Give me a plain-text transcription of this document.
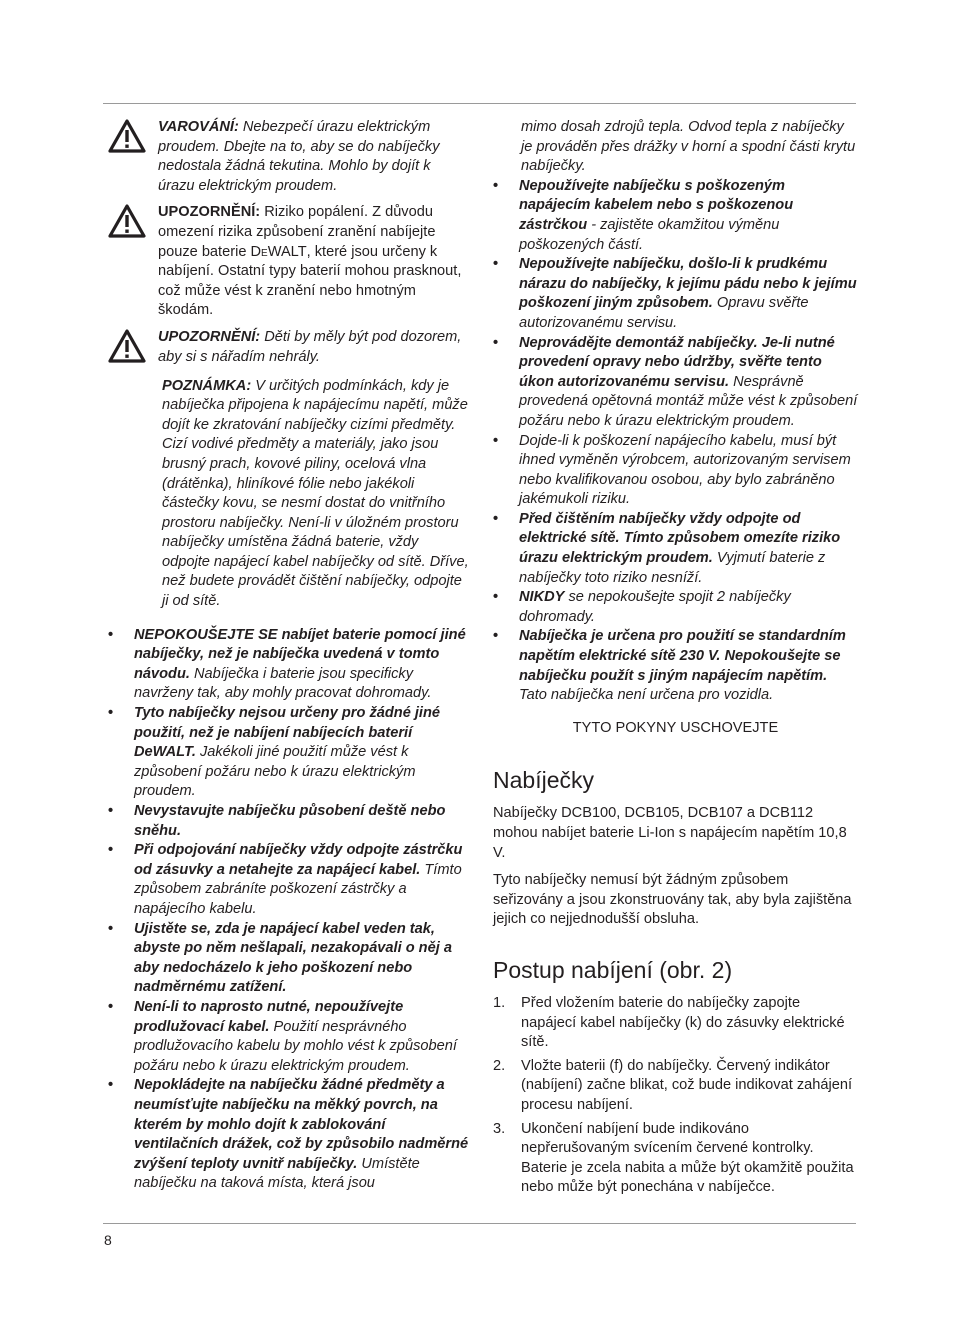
8

VAROVÁNÍ: Nebezpečí úrazu elektrickým proudem. Dbejte na to, aby se do nabíječky nedostala žádná tekutina. Mohlo by dojít k úrazu elektrickým proudem.

UPOZORNĚNÍ: Riziko popálení. Z důvodu omezení rizika způsobení zranění nabíjejte pouze baterie DeWALT, které jsou určeny k nabíjení. Ostatní typy baterií mohou prasknout, což může vést k zranění nebo hmotným škodám.

UPOZORNĚNÍ: Děti by měly být pod dozorem, aby si s nářadím nehrály.

POZNÁMKA: V určitých podmínkách, kdy je nabíječka připojena k napájecímu napětí, může dojít ke zkratování nabíječky cizími předměty. Cizí vodivé předměty a materiály, jako jsou brusný prach, kovové piliny, ocelová vlna (drátěnka), hliníkové fólie nebo jakékoli částečky kovu, se nesmí dostat do vnitřního prostoru nabíječky. Není-li v úložném prostoru nabíječky umístěna žádná baterie, vždy odpojte napájecí kabel nabíječky od sítě. Dříve, než budete provádět čištění nabíječky, odpojte ji od sítě.

• NEPOKOUŠEJTE SE nabíjet baterie pomocí jiné nabíječky, než je nabíječka uvedená v tomto návodu. Nabíječka i baterie jsou specificky navrženy tak, aby mohly pracovat dohromady.
• Tyto nabíječky nejsou určeny pro žádné jiné použití, než je nabíjení nabíjecích baterií DeWALT. Jakékoli jiné použití může vést k způsobení požáru nebo k úrazu elektrickým proudem.
• Nevystavujte nabíječku působení deště nebo sněhu.
• Při odpojování nabíječky vždy odpojte zástrčku od zásuvky a netahejte za napájecí kabel. Tímto způsobem zabráníte poškození zástrčky a napájecího kabelu.
• Ujistěte se, zda je napájecí kabel veden tak, abyste po něm nešlapali, nezakopávali o něj a aby nedocházelo k jeho poškození nebo nadměrnému zatížení.
• Není-li to naprosto nutné, nepoužívejte prodlužovací kabel. Použití nesprávného prodlužovacího kabelu by mohlo vést k způsobení požáru nebo k úrazu elektrickým proudem.
• Nepokládejte na nabíječku žádné předměty a neumísťujte nabíječku na měkký povrch, na kterém by mohlo dojít k zablokování ventilačních drážek, což by způsobilo nadměrné zvýšení teploty uvnitř nabíječky. Umístěte nabíječku na taková místa, která jsou

mimo dosah zdrojů tepla. Odvod tepla z nabíječky je prováděn přes drážky v horní a spodní části krytu nabíječky.

• Nepoužívejte nabíječku s poškozeným napájecím kabelem nebo s poškozenou zástrčkou - zajistěte okamžitou výměnu poškozených částí.
• Nepoužívejte nabíječku, došlo-li k prudkému nárazu do nabíječky, k jejímu pádu nebo k jejímu poškození jiným způsobem. Opravu svěřte autorizovanému servisu.
• Neprovádějte demontáž nabíječky. Je-li nutné provedení opravy nebo údržby, svěřte tento úkon autorizovanému servisu. Nesprávně provedená opětovná montáž může vést k způsobení požáru nebo k úrazu elektrickým proudem.
• Dojde-li k poškození napájecího kabelu, musí být ihned vyměněn výrobcem, autorizovaným servisem nebo kvalifikovanou osobou, aby bylo zabráněno jakémukoli riziku.
• Před čištěním nabíječky vždy odpojte od elektrické sítě. Tímto způsobem omezíte riziko úrazu elektrickým proudem. Vyjmutí baterie z nabíječky toto riziko nesníží.
• NIKDY se nepokoušejte spojit 2 nabíječky dohromady.
• Nabíječka je určena pro použití se standardním napětím elektrické sítě 230 V. Nepokoušejte se nabíječku použít s jiným napájecím napětím. Tato nabíječka není určena pro vozidla.

TYTO POKYNY USCHOVEJTE

Nabíječky

Nabíječky DCB100, DCB105, DCB107 a DCB112 mohou nabíjet baterie Li-Ion s napájecím napětím 10,8 V.

Tyto nabíječky nemusí být žádným způsobem seřizovány a jsou zkonstruovány tak, aby byla zajištěna jejich co nejjednodušší obsluha.

Postup nabíjení (obr. 2)
1. Před vložením baterie do nabíječky zapojte napájecí kabel nabíječky (k) do zásuvky elektrické sítě.
2. Vložte baterii (f) do nabíječky. Červený indikátor (nabíjení) začne blikat, což bude indikovat zahájení procesu nabíjení.
3. Ukončení nabíjení bude indikováno nepřerušovaným svícením červené kontrolky. Baterie je zcela nabita a může být okamžitě použita nebo může být ponechána v nabíječce.
